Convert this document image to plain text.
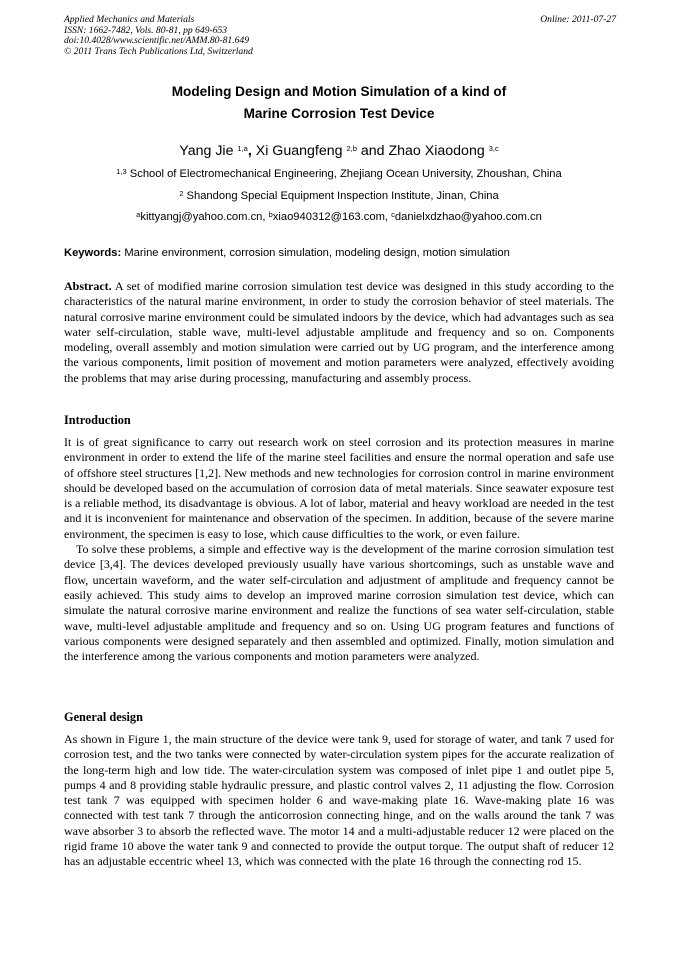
Applied Mechanics and Materials
ISSN: 1662-7482, Vols. 80-81, pp 649-653
doi:10.4028/www.scientific.net/AMM.80-81.649
© 2011 Trans Tech Publications Ltd, Switzerland
Online: 2011-07-27
Modeling Design and Motion Simulation of a kind of
Marine Corrosion Test Device
Yang Jie $^{1,a}$, Xi Guangfeng $^{2,b}$ and Zhao Xiaodong $^{3,c}$
$^{1,3}$ School of Electromechanical Engineering, Zhejiang Ocean University, Zhoushan, China
$^2$ Shandong Special Equipment Inspection Institute, Jinan, China
$^a$kittyangj@yahoo.com.cn, $^b$xiao940312@163.com, $^c$danielxdzhao@yahoo.com.cn
Keywords: Marine environment, corrosion simulation, modeling design, motion simulation

Abstract. A set of modified marine corrosion simulation test device was designed in this study according to the characteristics of the natural marine environment, in order to study the corrosion behavior of steel materials. The natural corrosive marine environment could be simulated indoors by the device, which had advantages such as sea water self-circulation, stable wave, multi-level adjustable amplitude and frequency and so on. Components modeling, overall assembly and motion simulation were carried out by UG program, and the interference among the various components, limit position of movement and motion parameters were analyzed, effectively avoiding the problems that may arise during processing, manufacturing and assembly process.

Introduction

It is of great significance to carry out research work on steel corrosion and its protection measures in marine environment in order to extend the life of the marine steel facilities and ensure the normal operation and safe use of offshore steel structures [1,2]. New methods and new technologies for corrosion control in marine environment should be developed based on the accumulation of corrosion data of metal materials. Since seawater exposure test is a reliable method, its disadvantage is obvious. A lot of labor, material and heavy workload are needed in the test and it is inconvenient for maintenance and observation of the specimen. In addition, because of the severe marine environment, the specimen is easy to lose, which cause difficulties to the work, or even failure.

To solve these problems, a simple and effective way is the development of the marine corrosion simulation test device [3,4]. The devices developed previously usually have various shortcomings, such as unstable wave and flow, uncertain waveform, and the water self-circulation and adjustment of amplitude and frequency cannot be easily achieved. This study aims to develop an improved marine corrosion simulation test device, which can simulate the natural corrosive marine environment and realize the functions of sea water self-circulation, stable wave, multi-level adjustable amplitude and frequency and so on. Using UG program features and functions of various components were designed separately and then assembled and optimized. Finally, motion simulation and the interference among the various components and motion parameters were analyzed.

General design

As shown in Figure 1, the main structure of the device were tank 9, used for storage of water, and tank 7 used for corrosion test, and the two tanks were connected by water-circulation system pipes for the accurate realization of the long-term high and low tide. The water-circulation system was composed of inlet pipe 1 and outlet pipe 5, pumps 4 and 8 providing stable hydraulic pressure, and plastic control valves 2, 11 adjusting the flow. Corrosion test tank 7 was equipped with specimen holder 6 and wave-making plate 16. Wave-making plate 16 was connected with test tank 7 through the anticorrosion connecting hinge, and on the walls around the tank 7 was wave absorber 3 to absorb the reflected wave. The motor 14 and a multi-adjustable reducer 12 were placed on the rigid frame 10 above the water tank 9 and connected to provide the output torque. The output shaft of reducer 12 has an adjustable eccentric wheel 13, which was connected with the plate 16 through the connecting rod 15.
